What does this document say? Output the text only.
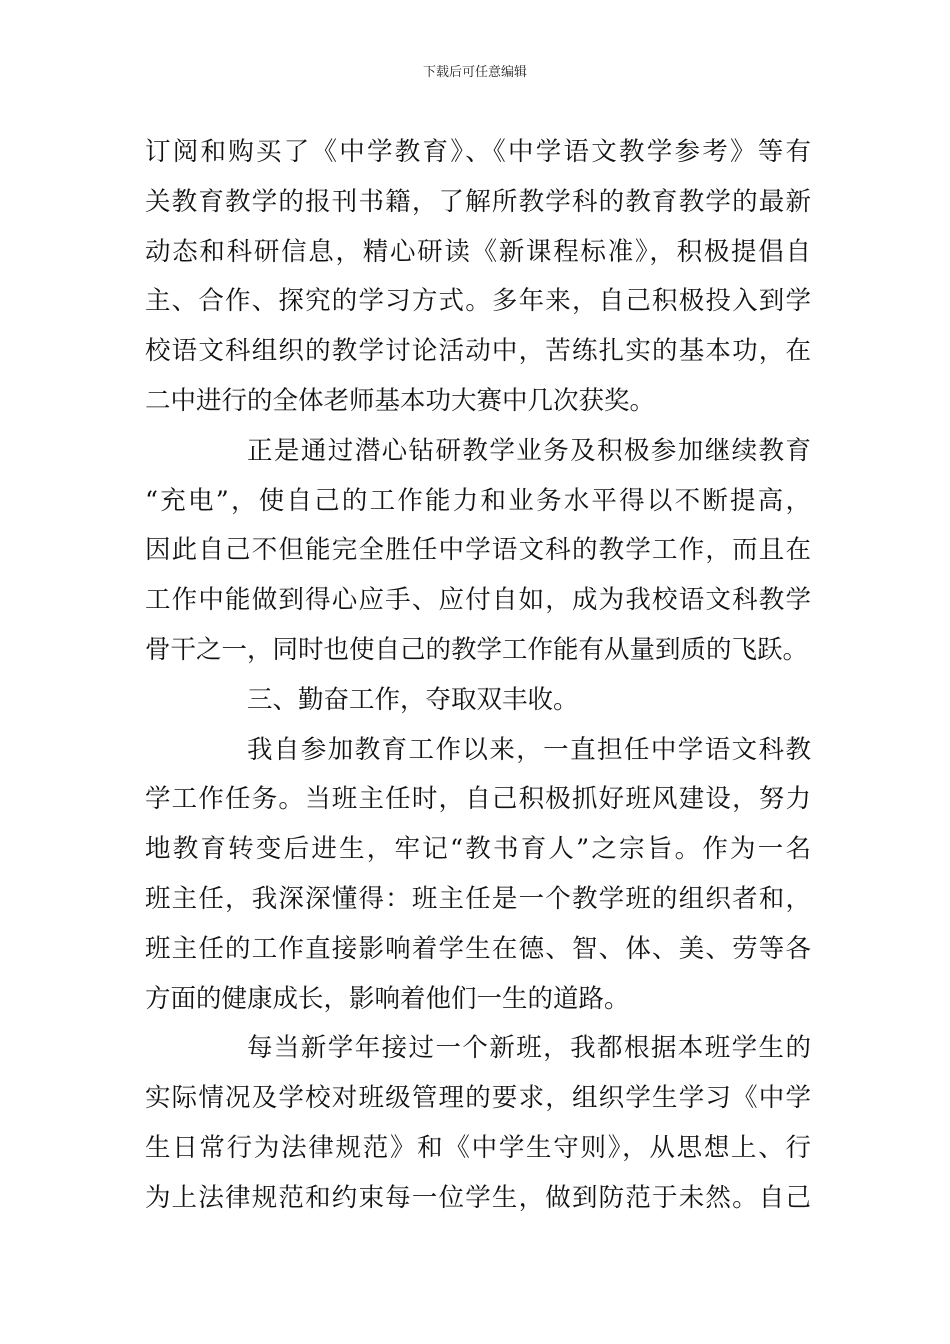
下载后可任意编辑
订阅和购买了《中学教育》、《中学语文教学参考》等有
关教育教学的报刊书籍，了解所教学科的教育教学的最新
动态和科研信息，精心研读《新课程标准》，积极提倡自
主、合作、探究的学习方式。多年来，自己积极投入到学
校语文科组织的教学讨论活动中，苦练扎实的基本功，在
二中进行的全体老师基本功大赛中几次获奖。
正是通过潜心钻研教学业务及积极参加继续教育
“充电”，使自己的工作能力和业务水平得以不断提高，
因此自己不但能完全胜任中学语文科的教学工作，而且在
工作中能做到得心应手、应付自如，成为我校语文科教学
骨干之一，同时也使自己的教学工作能有从量到质的飞跃。
三、勤奋工作，夺取双丰收。
我自参加教育工作以来，一直担任中学语文科教
学工作任务。当班主任时，自己积极抓好班风建设，努力
地教育转变后进生，牢记“教书育人”之宗旨。作为一名
班主任，我深深懂得：班主任是一个教学班的组织者和，
班主任的工作直接影响着学生在德、智、体、美、劳等各
方面的健康成长，影响着他们一生的道路。
每当新学年接过一个新班，我都根据本班学生的
实际情况及学校对班级管理的要求，组织学生学习《中学
生日常行为法律规范》和《中学生守则》，从思想上、行
为上法律规范和约束每一位学生，做到防范于未然。自己
